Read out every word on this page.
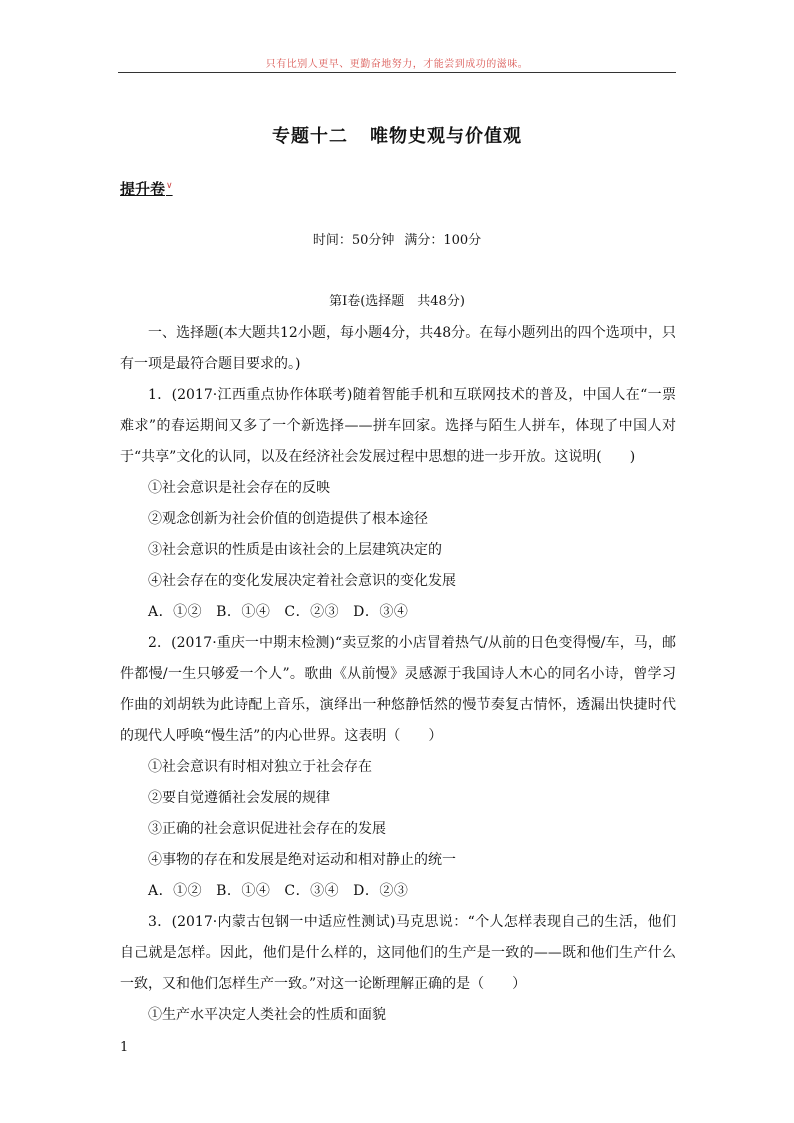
只有比别人更早、更勤奋地努力，才能尝到成功的滋味。
专题十二 唯物史观与价值观
提升卷∨
时间：50分钟 满分：100分
第Ⅰ卷(选择题　共48分)

一、选择题(本大题共12小题，每小题4分，共48分。在每小题列出的四个选项中，只有一项是最符合题目要求的。)

1．(2017·江西重点协作体联考)随着智能手机和互联网技术的普及，中国人在“一票难求”的春运期间又多了一个新选择——拼车回家。选择与陌生人拼车，体现了中国人对于“共享”文化的认同，以及在经济社会发展过程中思想的进一步开放。这说明(　　)

①社会意识是社会存在的反映

②观念创新为社会价值的创造提供了根本途径

③社会意识的性质是由该社会的上层建筑决定的

④社会存在的变化发展决定着社会意识的变化发展

A．①② B．①④ C．②③ D．③④

2．(2017·重庆一中期末检测)“卖豆浆的小店冒着热气/从前的日色变得慢/车，马，邮件都慢/一生只够爱一个人”。歌曲《从前慢》灵感源于我国诗人木心的同名小诗，曾学习作曲的刘胡轶为此诗配上音乐，演绎出一种悠静恬然的慢节奏复古情怀，透漏出快捷时代的现代人呼唤“慢生活”的内心世界。这表明（　　）

①社会意识有时相对独立于社会存在

②要自觉遵循社会发展的规律

③正确的社会意识促进社会存在的发展

④事物的存在和发展是绝对运动和相对静止的统一

A．①② B．①④ C．③④ D．②③

3．(2017·内蒙古包钢一中适应性测试)马克思说：“个人怎样表现自己的生活，他们自己就是怎样。因此，他们是什么样的，这同他们的生产是一致的——既和他们生产什么一致，又和他们怎样生产一致。”对这一论断理解正确的是（　　）

①生产水平决定人类社会的性质和面貌

1
